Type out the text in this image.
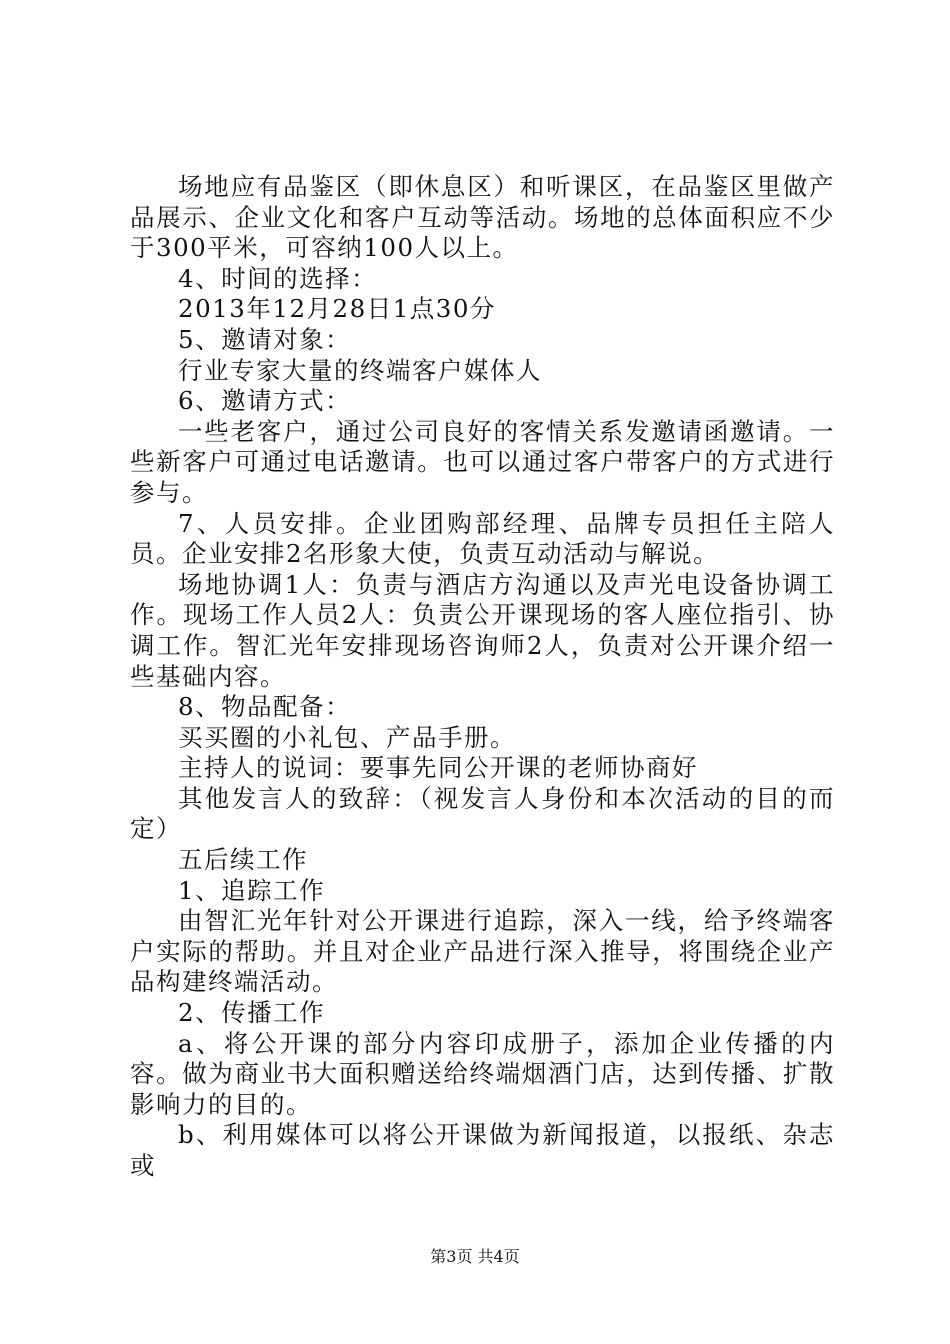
场地应有品鉴区（即休息区）和听课区，在品鉴区里做产品展示、企业文化和客户互动等活动。场地的总体面积应不少于300平米，可容纳100人以上。

4、时间的选择：

2013年12月28日1点30分

5、邀请对象：

行业专家大量的终端客户媒体人

6、邀请方式：

一些老客户，通过公司良好的客情关系发邀请函邀请。一些新客户可通过电话邀请。也可以通过客户带客户的方式进行参与。

7、人员安排。企业团购部经理、品牌专员担任主陪人员。企业安排2名形象大使，负责互动活动与解说。

场地协调1人：负责与酒店方沟通以及声光电设备协调工作。现场工作人员2人：负责公开课现场的客人座位指引、协调工作。智汇光年安排现场咨询师2人，负责对公开课介绍一些基础内容。

8、物品配备：

买买圈的小礼包、产品手册。

主持人的说词：要事先同公开课的老师协商好

其他发言人的致辞：（视发言人身份和本次活动的目的而定）

五后续工作

1、追踪工作

由智汇光年针对公开课进行追踪，深入一线，给予终端客户实际的帮助。并且对企业产品进行深入推导，将围绕企业产品构建终端活动。

2、传播工作

a、将公开课的部分内容印成册子，添加企业传播的内容。做为商业书大面积赠送给终端烟酒门店，达到传播、扩散影响力的目的。

b、利用媒体可以将公开课做为新闻报道，以报纸、杂志或

第3页 共4页
